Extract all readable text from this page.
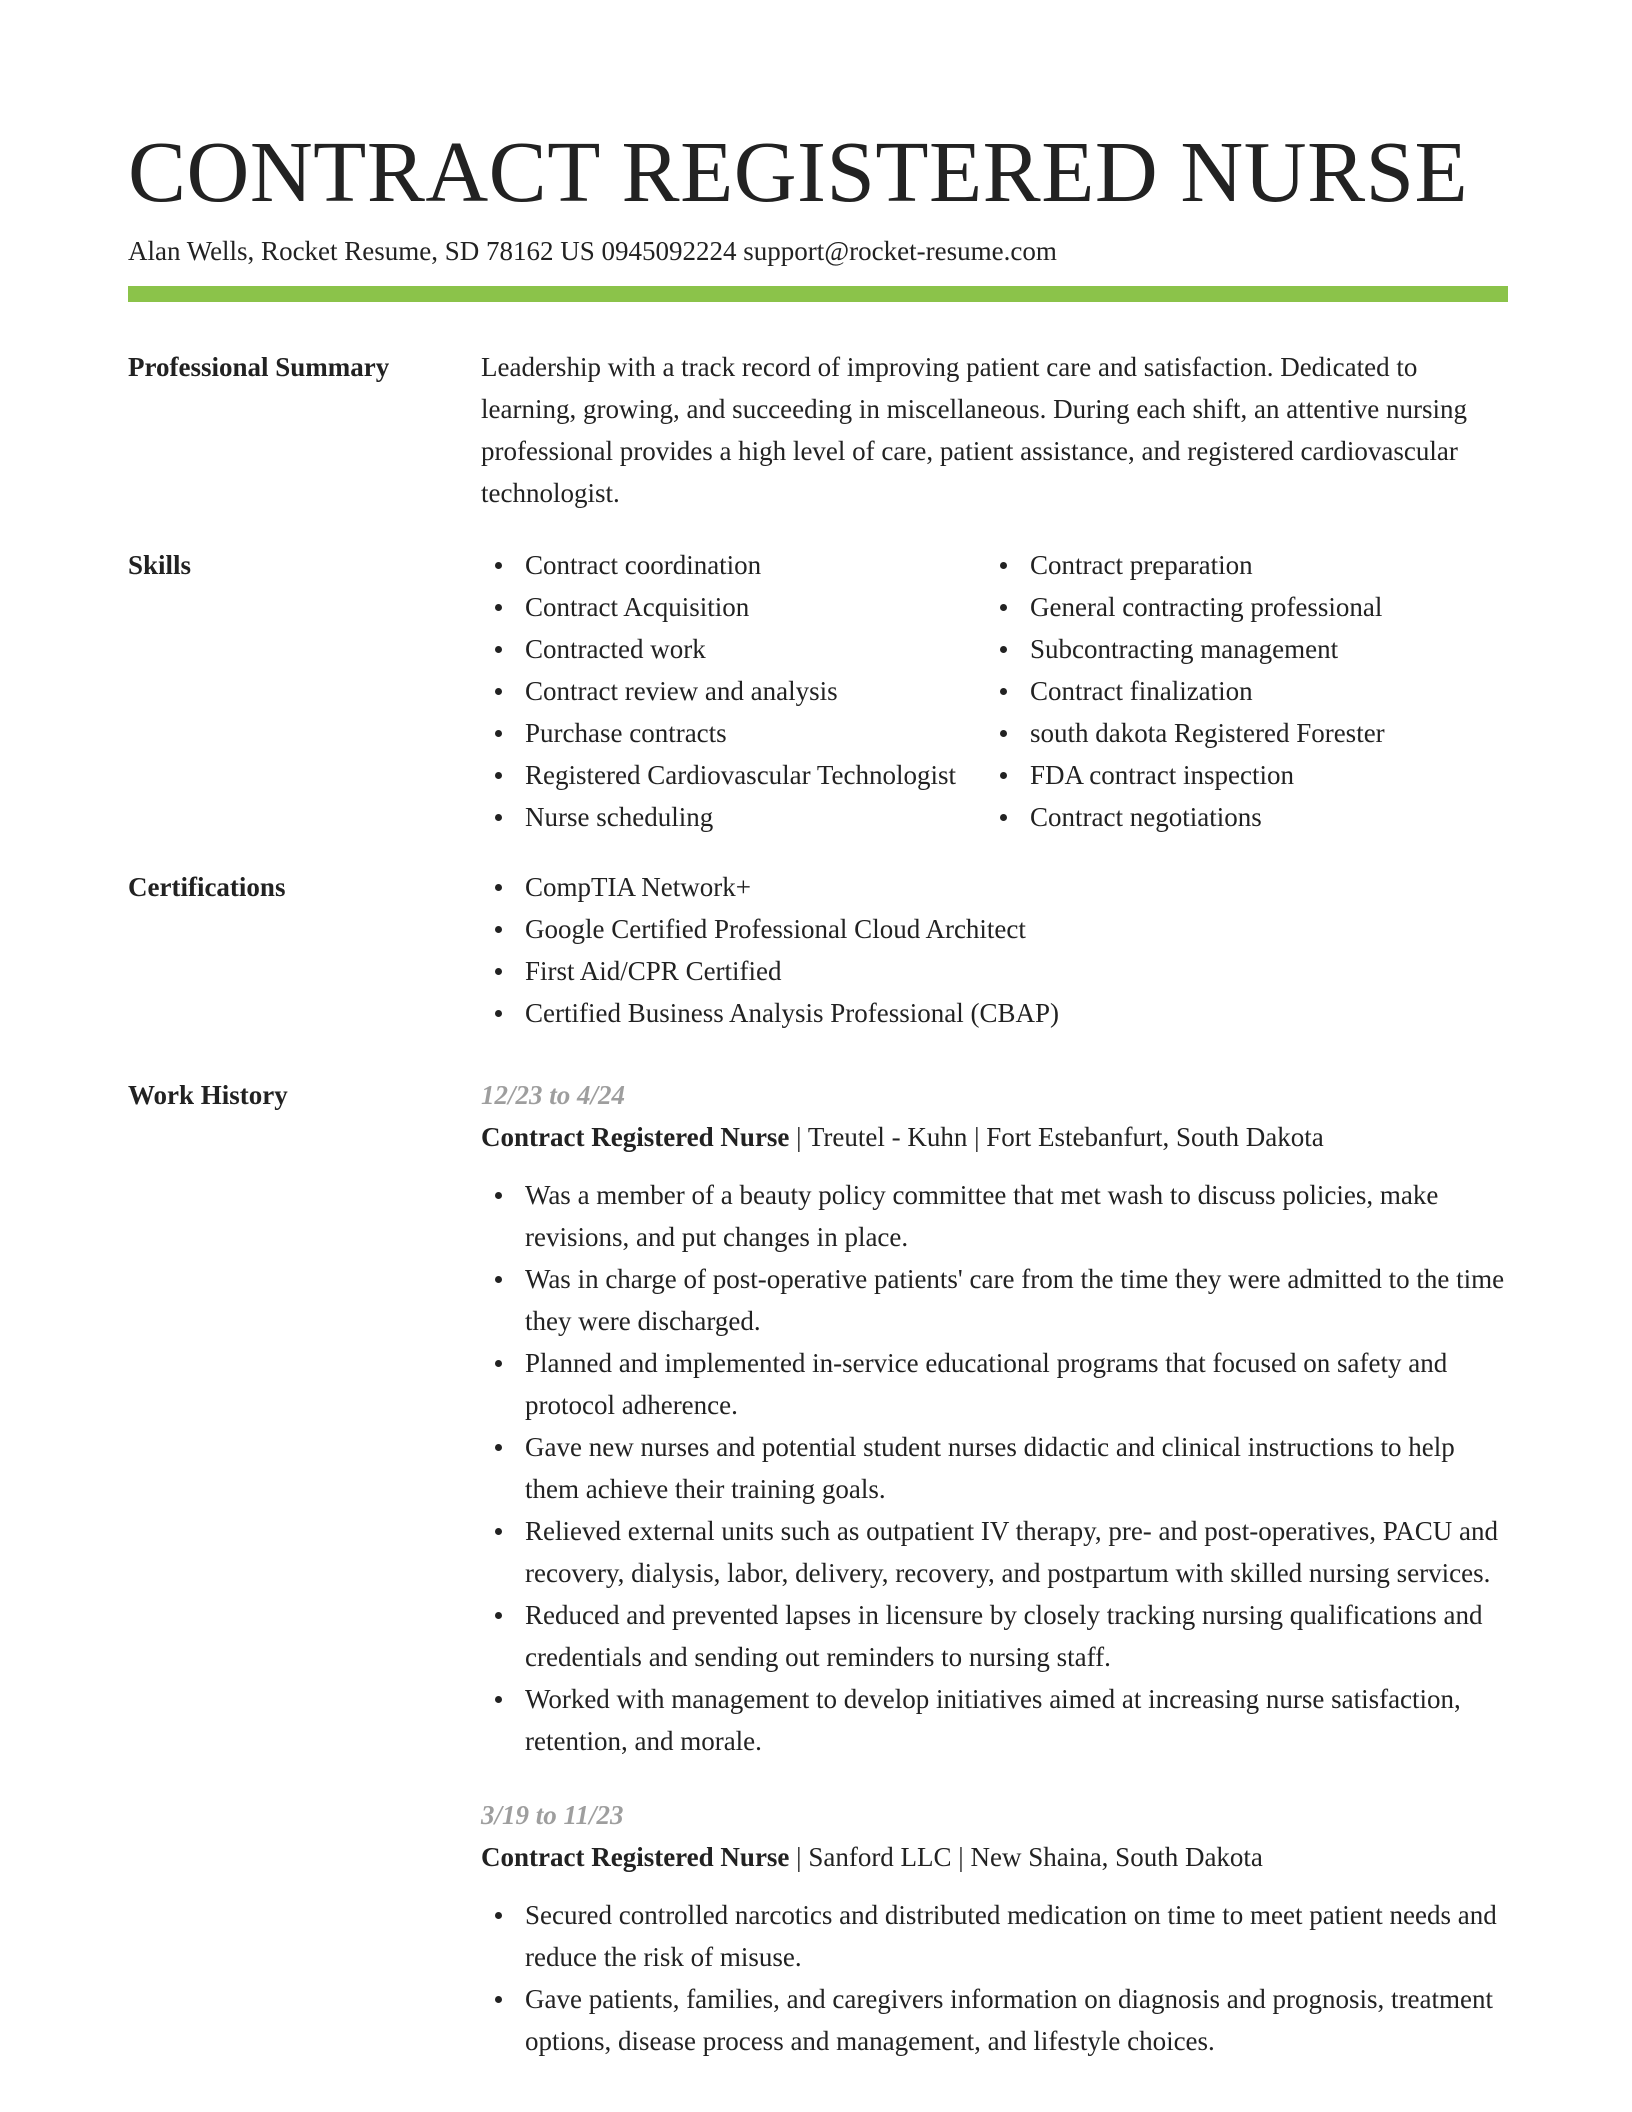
CONTRACT REGISTERED NURSE
Alan Wells, Rocket Resume, SD 78162 US 0945092224 support@rocket-resume.com
Professional Summary	Leadership with a track record of improving patient care and satisfaction. Dedicated to learning, growing, and succeeding in miscellaneous. During each shift, an attentive nursing professional provides a high level of care, patient assistance, and registered cardiovascular technologist.

Skills	Contract coordination
Contract Acquisition
Contracted work
Contract review and analysis
Purchase contracts
Registered Cardiovascular Technologist
Nurse scheduling
Contract preparation
General contracting professional
Subcontracting management
Contract finalization
south dakota Registered Forester
FDA contract inspection
Contract negotiations
Certifications	CompTIA Network+
Google Certified Professional Cloud Architect
First Aid/CPR Certified
Certified Business Analysis Professional (CBAP)
Work History	12/23 to 4/24
Contract Registered Nurse | Treutel - Kuhn | Fort Estebanfurt, South Dakota
Was a member of a beauty policy committee that met wash to discuss policies, make revisions, and put changes in place.
Was in charge of post-operative patients' care from the time they were admitted to the time they were discharged.
Planned and implemented in-service educational programs that focused on safety and protocol adherence.
Gave new nurses and potential student nurses didactic and clinical instructions to help them achieve their training goals.
Relieved external units such as outpatient IV therapy, pre- and post-operatives, PACU and recovery, dialysis, labor, delivery, recovery, and postpartum with skilled nursing services.
Reduced and prevented lapses in licensure by closely tracking nursing qualifications and credentials and sending out reminders to nursing staff.
Worked with management to develop initiatives aimed at increasing nurse satisfaction, retention, and morale.
3/19 to 11/23
Contract Registered Nurse | Sanford LLC | New Shaina, South Dakota
Secured controlled narcotics and distributed medication on time to meet patient needs and reduce the risk of misuse.
Gave patients, families, and caregivers information on diagnosis and prognosis, treatment options, disease process and management, and lifestyle choices.
